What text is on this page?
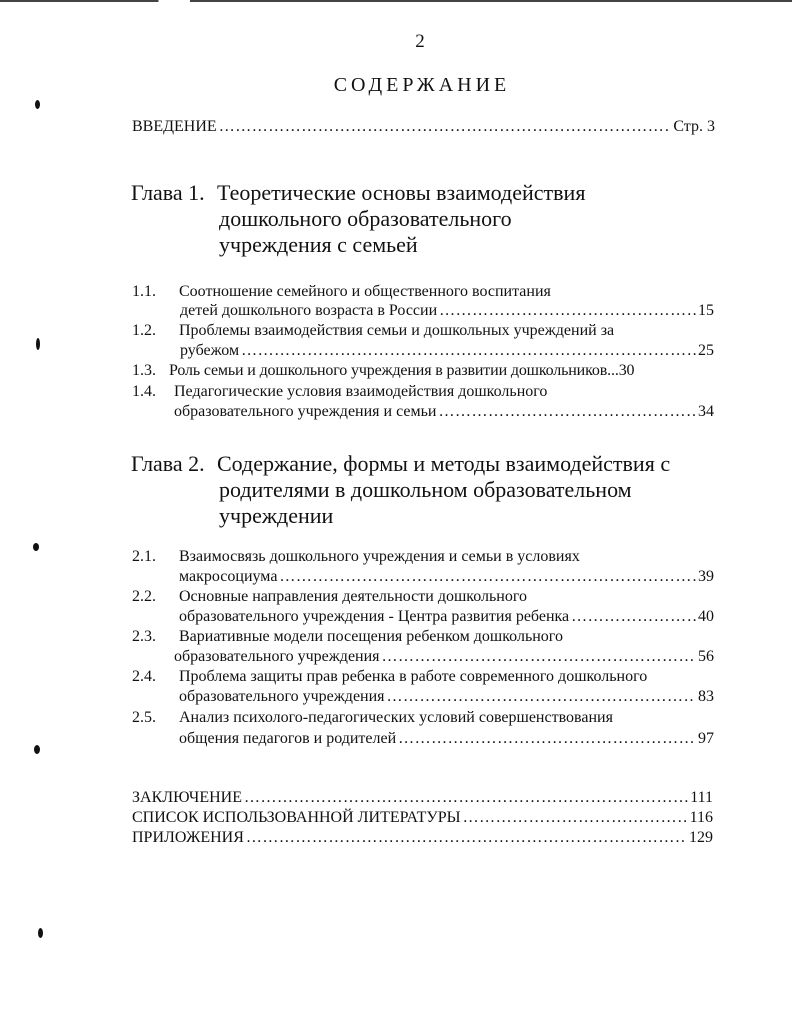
2
СОДЕРЖАНИЕ
ВВЕДЕНИЕ …………………………………………………………………………………………………………………………………………………………………………	Стр. 3
Глава 1. Теоретические основы взаимодействия
дошкольного образовательного
учреждения с семьей
1.1. Соотношение семейного и общественного воспитания
детей дошкольного возраста в России …………………………………………………………………………………………………………………………………………………………………………	15
1.2. Проблемы взаимодействия семьи и дошкольных учреждений за
рубежом …………………………………………………………………………………………………………………………………………………………………………	25
1.3. Роль семьи и дошкольного учреждения в развитии дошкольников...30
1.4. Педагогические условия взаимодействия дошкольного
образовательного учреждения и семьи …………………………………………………………………………………………………………………………………………………………………………	34
Глава 2. Содержание, формы и методы взаимодействия с
родителями в дошкольном образовательном
учреждении
2.1. Взаимосвязь дошкольного учреждения и семьи в условиях
макросоциума …………………………………………………………………………………………………………………………………………………………………………	39
2.2. Основные направления деятельности дошкольного
образовательного учреждения - Центра развития ребенка …………………………………………………………………………………………………………………………………………………………………………	40
2.3. Вариативные модели посещения ребенком дошкольного
образовательного учреждения …………………………………………………………………………………………………………………………………………………………………………	56
2.4. Проблема защиты прав ребенка в работе современного дошкольного
образовательного учреждения …………………………………………………………………………………………………………………………………………………………………………	83
2.5. Анализ психолого-педагогических условий совершенствования
общения педагогов и родителей …………………………………………………………………………………………………………………………………………………………………………	97
ЗАКЛЮЧЕНИЕ …………………………………………………………………………………………………………………………………………………………………………	111
СПИСОК ИСПОЛЬЗОВАННОЙ ЛИТЕРАТУРЫ …………………………………………………………………………………………………………………………………………………………………………	116
ПРИЛОЖЕНИЯ …………………………………………………………………………………………………………………………………………………………………………	129
